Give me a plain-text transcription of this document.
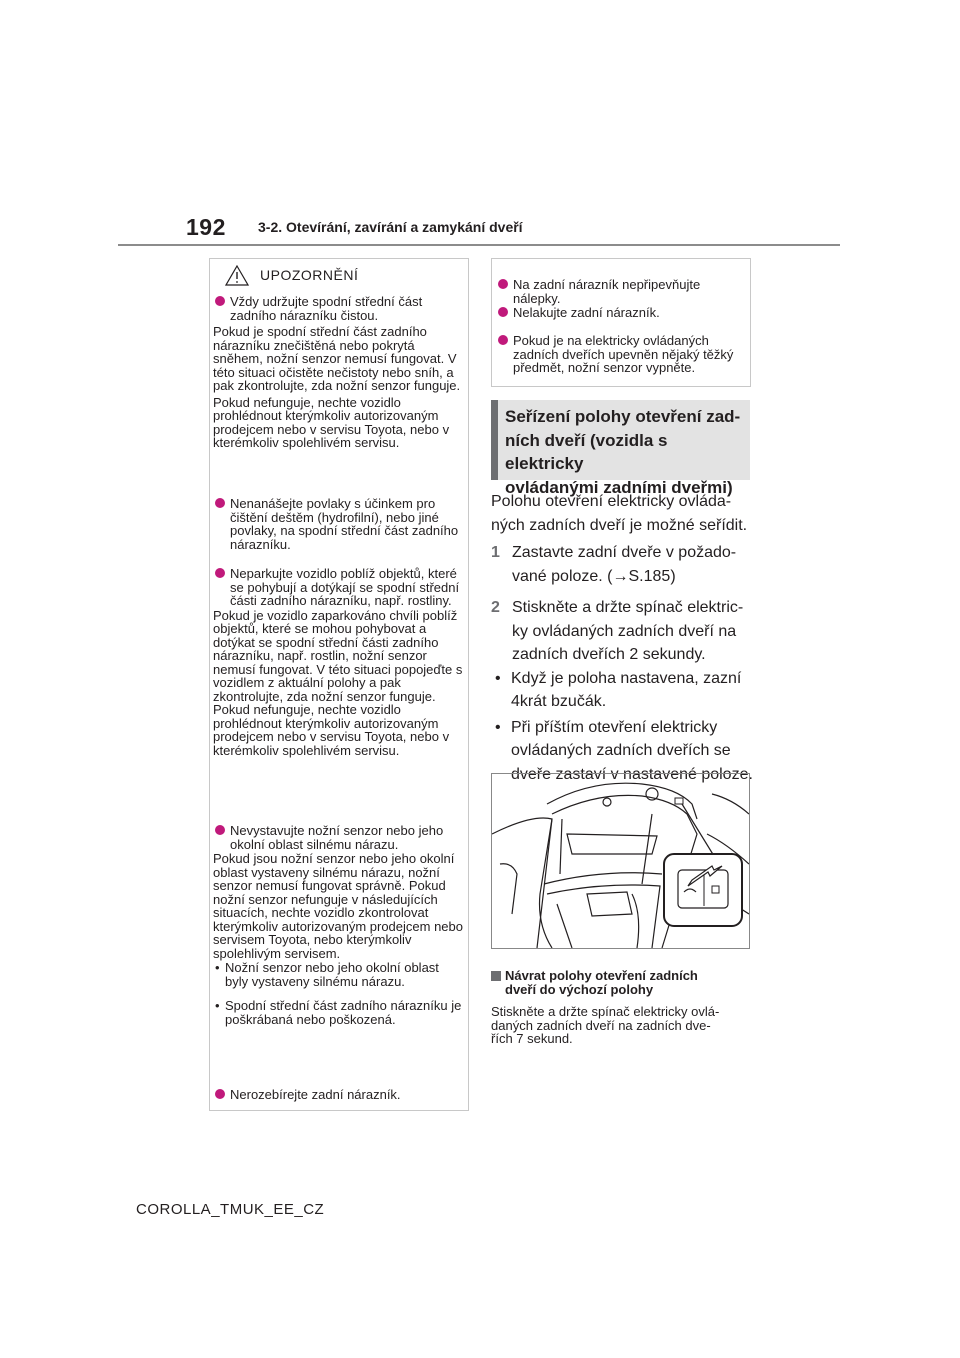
192 3-2. Otevírání, zavírání a zamykání dveří
UPOZORNĚNÍ
Vždy udržujte spodní střední část zadního nárazníku čistou.
Pokud je spodní střední část zadního nárazníku znečištěná nebo pokrytá sněhem, nožní senzor nemusí fungovat. V této situaci očistěte nečistoty nebo sníh, a pak zkontrolujte, zda nožní senzor funguje.
Pokud nefunguje, nechte vozidlo prohlédnout kterýmkoliv autorizovaným prodejcem nebo v servisu Toyota, nebo v kterémkoliv spolehlivém servisu.
Nenanášejte povlaky s účinkem pro čištění deštěm (hydrofilní), nebo jiné povlaky, na spodní střední část zadního nárazníku.
Neparkujte vozidlo poblíž objektů, které se pohybují a dotýkají se spodní střední části zadního nárazníku, např. rostliny.
Pokud je vozidlo zaparkováno chvíli poblíž objektů, které se mohou pohybovat a dotýkat se spodní střední části zadního nárazníku, např. rostlin, nožní senzor nemusí fungovat. V této situaci popojeďte s vozidlem z aktuální polohy a pak zkontrolujte, zda nožní senzor funguje. Pokud nefunguje, nechte vozidlo prohlédnout kterýmkoliv autorizovaným prodejcem nebo v servisu Toyota, nebo v kterémkoliv spolehlivém servisu.
Nevystavujte nožní senzor nebo jeho okolní oblast silnému nárazu.
Pokud jsou nožní senzor nebo jeho okolní oblast vystaveny silnému nárazu, nožní senzor nemusí fungovat správně. Pokud nožní senzor nefunguje v následujících situacích, nechte vozidlo zkontrolovat kterýmkoliv autorizovaným prodejcem nebo servisem Toyota, nebo kterýmkoliv spolehlivým servisem.
• Nožní senzor nebo jeho okolní oblast byly vystaveny silnému nárazu.
• Spodní střední část zadního nárazníku je poškrábaná nebo poškozená.
Nerozebírejte zadní nárazník.
Na zadní nárazník nepřipevňujte nálepky.
Nelakujte zadní nárazník.
Pokud je na elektricky ovládaných zadních dveřích upevněn nějaký těžký předmět, nožní senzor vypněte.
Seřízení polohy otevření zad-
ních dveří (vozidla s elektricky
ovládanými zadními dveřmi)
Polohu otevření elektricky ovláda-
ných zadních dveří je možné seřídit.
1 Zastavte zadní dveře v požado-
vané poloze. (→S.185)
2 Stiskněte a držte spínač elektric-
ky ovládaných zadních dveří na
zadních dveřích 2 sekundy.
• Když je poloha nastavena, zazní
4krát bzučák.
• Při příštím otevření elektricky
ovládaných zadních dveřích se
dveře zastaví v nastavené poloze.
Návrat polohy otevření zadních
dveří do výchozí polohy
Stiskněte a držte spínač elektricky ovlá-
daných zadních dveří na zadních dve-
řích 7 sekund.
COROLLA_TMUK_EE_CZ
